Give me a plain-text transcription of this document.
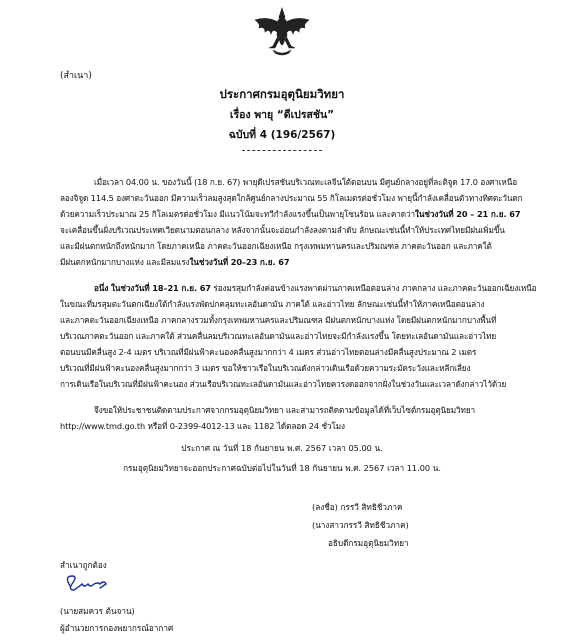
(สำเนา)
ประกาศกรมอุตุนิยมวิทยา
เรื่อง พายุ “ดีเปรสชัน”
ฉบับที่ 4 (196/2567)
เมื่อเวลา 04.00 น. ของวันนี้ (18 ก.ย. 67) พายุดีเปรสชันบริเวณทะเลจีนใต้ตอนบน มีศูนย์กลางอยู่ที่ละติจูด 17.0 องศาเหนือ
ลองจิจูด 114.5 องศาตะวันออก มีความเร็วลมสูงสุดใกล้ศูนย์กลางประมาณ 55 กิโลเมตรต่อชั่วโมง พายุนี้กำลังเคลื่อนตัวทางทิศตะวันตก
ด้วยความเร็วประมาณ 25 กิโลเมตรต่อชั่วโมง มีแนวโน้มจะทวีกำลังแรงขึ้นเป็นพายุโซนร้อน และคาดว่าในช่วงวันที่ 20 – 21 ก.ย. 67
จะเคลื่อนขึ้นฝั่งบริเวณประเทศเวียดนามตอนกลาง หลังจากนั้นจะอ่อนกำลังลงตามลำดับ ลักษณะเช่นนี้ทำให้ประเทศไทยมีฝนเพิ่มขึ้น
และมีฝนตกหนักถึงหนักมาก โดยภาคเหนือ ภาคตะวันออกเฉียงเหนือ กรุงเทพมหานครและปริมณฑล ภาคตะวันออก และภาคใต้
มีฝนตกหนักมากบางแห่ง และมีลมแรงในช่วงวันที่ 20–23 ก.ย. 67
อนึ่ง ในช่วงวันที่ 18–21 ก.ย. 67 ร่องมรสุมกำลังค่อนข้างแรงพาดผ่านภาคเหนือตอนล่าง ภาคกลาง และภาคตะวันออกเฉียงเหนือ
ในขณะที่มรสุมตะวันตกเฉียงใต้กำลังแรงพัดปกคลุมทะเลอันดามัน ภาคใต้ และอ่าวไทย ลักษณะเช่นนี้ทำให้ภาคเหนือตอนล่าง
และภาคตะวันออกเฉียงเหนือ ภาคกลางรวมทั้งกรุงเทพมหานครและปริมณฑล มีฝนตกหนักบางแห่ง โดยมีฝนตกหนักมากบางพื้นที่
บริเวณภาคตะวันออก และภาคใต้ ส่วนคลื่นลมบริเวณทะเลอันดามันและอ่าวไทยจะมีกำลังแรงขึ้น โดยทะเลอันดามันและอ่าวไทย
ตอนบนมีคลื่นสูง 2-4 เมตร บริเวณที่มีฝนฟ้าคะนองคลื่นสูงมากกว่า 4 เมตร ส่วนอ่าวไทยตอนล่างมีคลื่นสูงประมาณ 2 เมตร
บริเวณที่มีฝนฟ้าคะนองคลื่นสูงมากกว่า 3 เมตร ขอให้ชาวเรือในบริเวณดังกล่าวเดินเรือด้วยความระมัดระวังและหลีกเลี่ยง
การเดินเรือในบริเวณที่มีฝนฟ้าคะนอง ส่วนเรือบริเวณทะเลอันดามันและอ่าวไทยควรงดออกจากฝั่งในช่วงวันและเวลาดังกล่าวไว้ด้วย
จึงขอให้ประชาชนติดตามประกาศจากกรมอุตุนิยมวิทยา และสามารถติดตามข้อมูลได้ที่เว็บไซต์กรมอุตุนิยมวิทยา
http://www.tmd.go.th หรือที่ 0-2399-4012-13 และ 1182 ได้ตลอด 24 ชั่วโมง
ประกาศ ณ วันที่ 18 กันยายน พ.ศ. 2567 เวลา 05.00 น.
กรมอุตุนิยมวิทยาจะออกประกาศฉบับต่อไปในวันที่ 18 กันยายน พ.ศ. 2567 เวลา 11.00 น.
(ลงชื่อ) กรรวี สิทธิชีวภาค
(นางสาวกรรวี สิทธิชีวภาค)
อธิบดีกรมอุตุนิยมวิทยา
สำเนาถูกต้อง
(นายสมควร ต้นจาน)
ผู้อำนวยการกองพยากรณ์อากาศ
